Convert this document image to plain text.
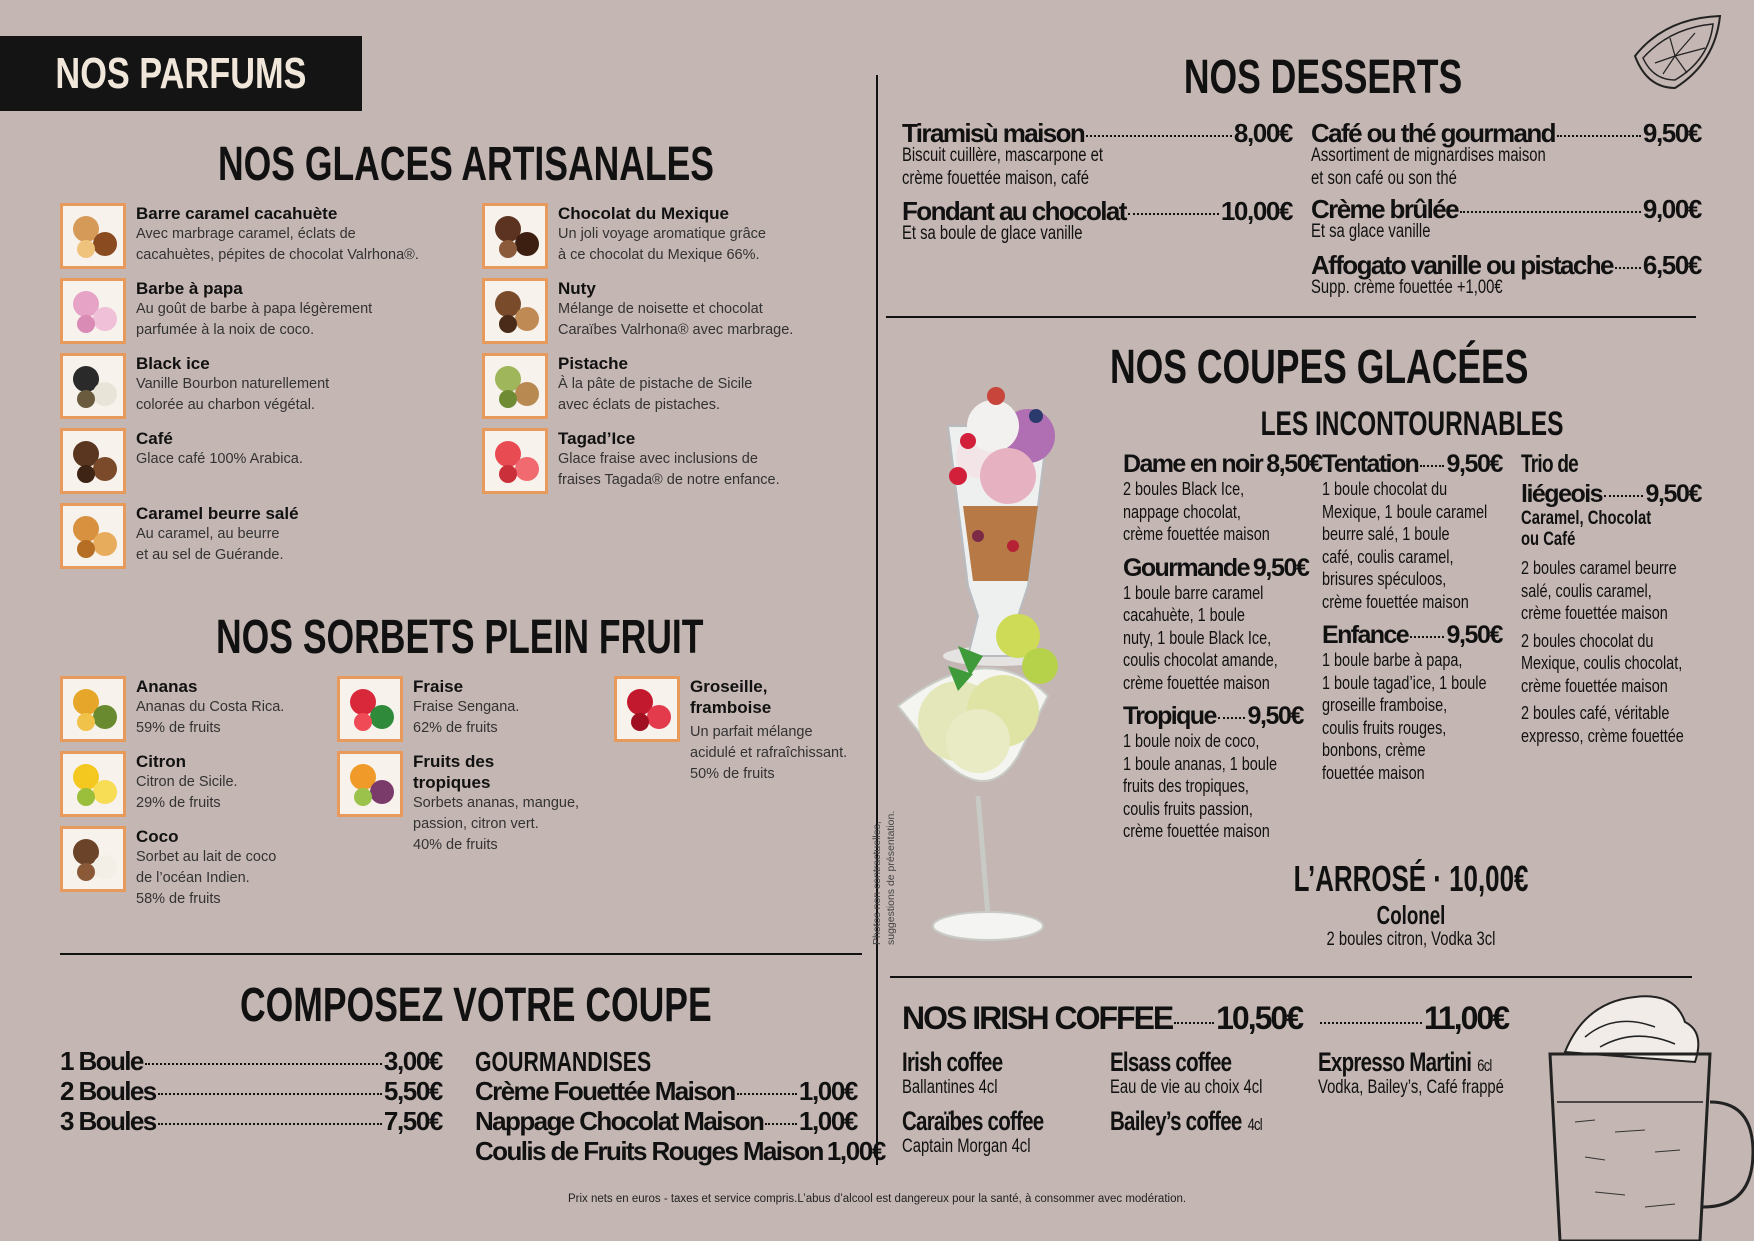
NOS PARFUMS
NOS GLACES ARTISANALES
NOS SORBETS PLEIN FRUIT
COMPOSEZ VOTRE COUPE
NOS DESSERTS
NOS COUPES GLACÉES
LES INCONTOURNABLES
Photos non contractuelles, suggestions de présentation.	L’ARROSÉ · 10,00€
Colonel
2 boules citron, Vodka 3cl
Barre caramel cacahuète
Avec marbrage caramel, éclats de
cacahuètes, pépites de chocolat Valrhona®.
Barbe à papa
Au goût de barbe à papa légèrement
parfumée à la noix de coco.
Black ice
Vanille Bourbon naturellement
colorée au charbon végétal.
Café
Glace café 100% Arabica.
Caramel beurre salé
Au caramel, au beurre
et au sel de Guérande.
Chocolat du Mexique
Un joli voyage aromatique grâce
à ce chocolat du Mexique 66%.
Nuty
Mélange de noisette et chocolat
Caraïbes Valrhona® avec marbrage.
Pistache
À la pâte de pistache de Sicile
avec éclats de pistaches.
Tagad’Ice
Glace fraise avec inclusions de
fraises Tagada® de notre enfance.
Ananas
Ananas du Costa Rica.
59% de fruits
Citron
Citron de Sicile.
29% de fruits
Coco
Sorbet au lait de coco
de l’océan Indien.
58% de fruits
Fraise
Fraise Sengana.
62% de fruits
Fruits des tropiques
Sorbets ananas, mangue,
passion, citron vert.
40% de fruits
Groseille,
framboise
Un parfait mélange
acidulé et rafraîchissant.
50% de fruits
1 Boule	3,00€
2 Boules	5,50€
3 Boules	7,50€
GOURMANDISES
Crème Fouettée Maison 1,00€
Nappage Chocolat Maison 1,00€
Coulis de Fruits Rouges Maison 1,00€
Tiramisù maison	8,00€
Biscuit cuillère, mascarpone et
crème fouettée maison, café
Fondant au chocolat	10,00€
Et sa boule de glace vanille
Café ou thé gourmand	9,50€
Assortiment de mignardises maison
et son café ou son thé
Crème brûlée	9,00€
Et sa glace vanille
Affogato vanille ou pistache 6,50€
Supp. crème fouettée +1,00€
Dame en noir 8,50€
2 boules Black Ice,
nappage chocolat,
crème fouettée maison
Gourmande 9,50€
1 boule barre caramel
cacahuète, 1 boule
nuty, 1 boule Black Ice,
coulis chocolat amande,
crème fouettée maison
Tropique 9,50€
1 boule noix de coco,
1 boule ananas, 1 boule
fruits des tropiques,
coulis fruits passion,
crème fouettée maison
Tentation 9,50€
1 boule chocolat du
Mexique, 1 boule caramel
beurre salé, 1 boule
café, coulis caramel,
brisures spéculoos,
crème fouettée maison
Enfance 9,50€
1 boule barbe à papa,
1 boule tagad’ice, 1 boule
groseille framboise,
coulis fruits rouges,
bonbons, crème
fouettée maison
Trio de
liégeois 9,50€
Caramel, Chocolat
ou Café
2 boules caramel beurre
salé, coulis caramel,
crème fouettée maison
2 boules chocolat du
Mexique, coulis chocolat,
crème fouettée maison
2 boules café, véritable
expresso, crème fouettée
NOS IRISH COFFEE 10,50€	11,00€
Irish coffee
Ballantines 4cl
Caraïbes coffee
Captain Morgan 4cl
Elsass coffee
Eau de vie au choix 4cl
Bailey’s coffee 4cl
Expresso Martini 6cl
Vodka, Bailey’s, Café frappé
Prix nets en euros - taxes et service compris.L’abus d’alcool est dangereux pour la santé, à consommer avec modération.
